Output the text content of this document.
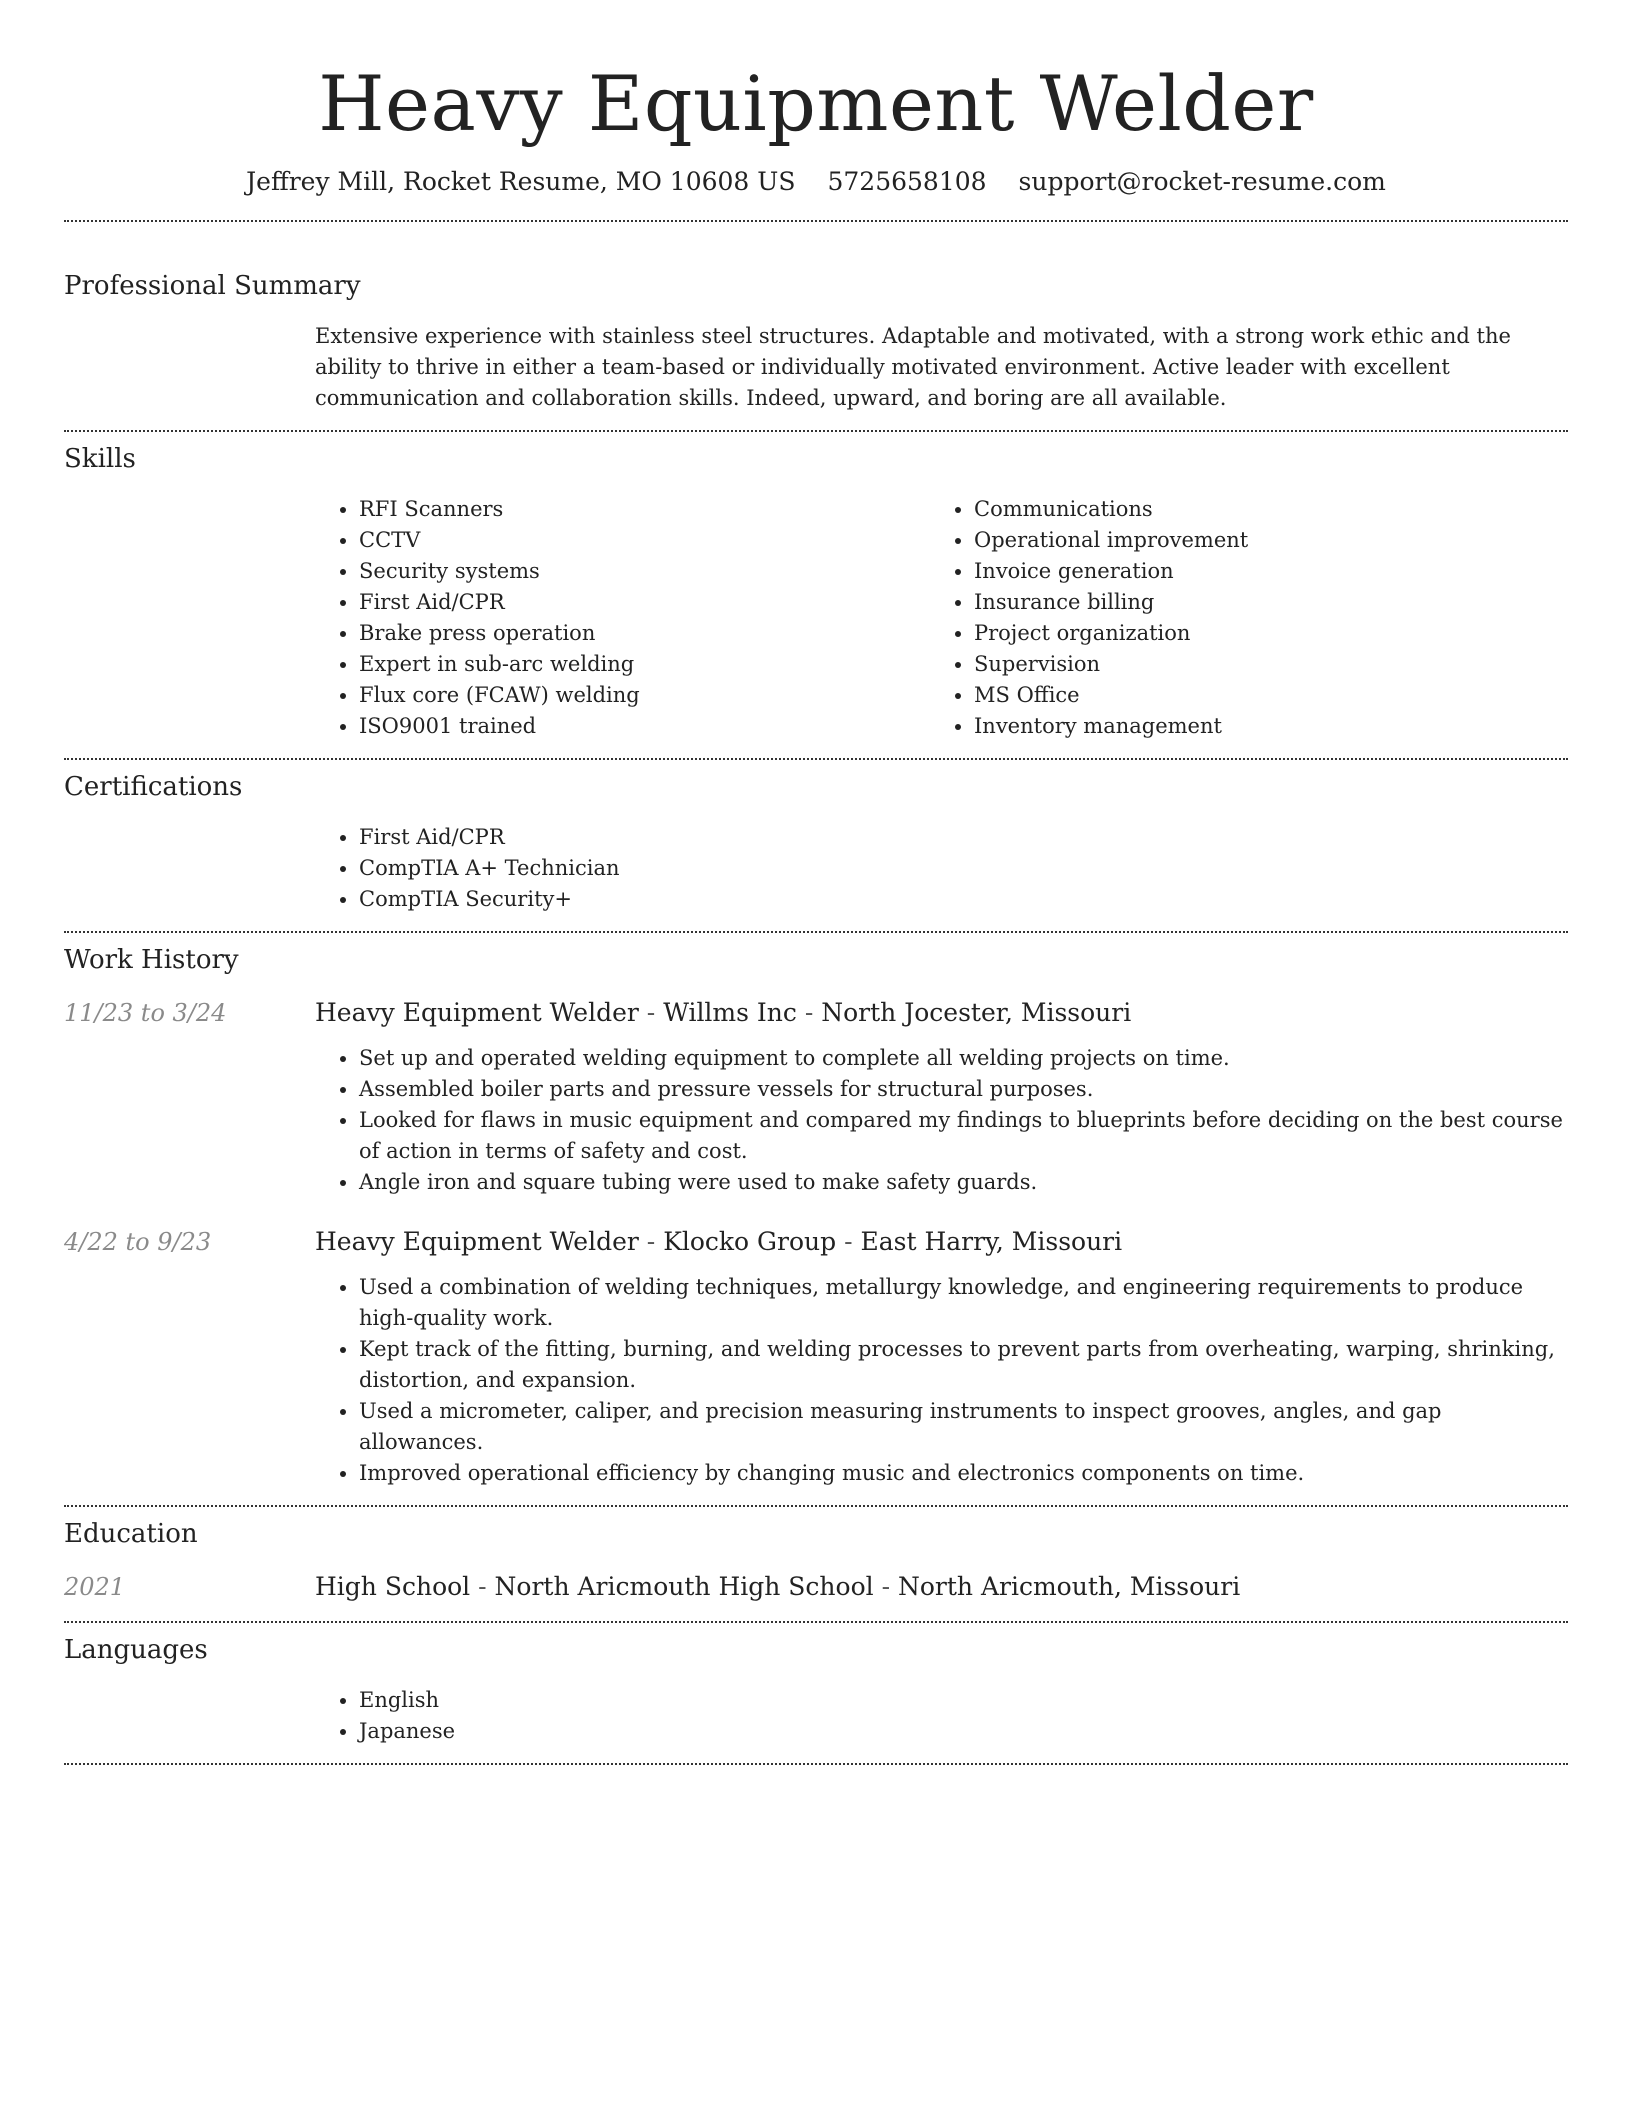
Heavy Equipment Welder
Jeffrey Mill, Rocket Resume, MO 10608 US 5725658108 support@rocket-resume.com
Professional Summary
Extensive experience with stainless steel structures. Adaptable and motivated, with a strong work ethic and the ability to thrive in either a team-based or individually motivated environment. Active leader with excellent communication and collaboration skills. Indeed, upward, and boring are all available.
Skills
• RFI Scanners
• CCTV
• Security systems
• First Aid/CPR
• Brake press operation
• Expert in sub-arc welding
• Flux core (FCAW) welding
• ISO9001 trained
• Communications
• Operational improvement
• Invoice generation
• Insurance billing
• Project organization
• Supervision
• MS Office
• Inventory management
Certifications
• First Aid/CPR
• CompTIA A+ Technician
• CompTIA Security+
Work History
11/23 to 3/24	Heavy Equipment Welder - Willms Inc - North Jocester, Missouri
• Set up and operated welding equipment to complete all welding projects on time.
• Assembled boiler parts and pressure vessels for structural purposes.
• Looked for flaws in music equipment and compared my findings to blueprints before deciding on the best course of action in terms of safety and cost.
• Angle iron and square tubing were used to make safety guards.
4/22 to 9/23	Heavy Equipment Welder - Klocko Group - East Harry, Missouri
• Used a combination of welding techniques, metallurgy knowledge, and engineering requirements to produce high-quality work.
• Kept track of the fitting, burning, and welding processes to prevent parts from overheating, warping, shrinking, distortion, and expansion.
• Used a micrometer, caliper, and precision measuring instruments to inspect grooves, angles, and gap allowances.
• Improved operational efficiency by changing music and electronics components on time.
Education
2021	High School - North Aricmouth High School - North Aricmouth, Missouri
Languages
• English
• Japanese
